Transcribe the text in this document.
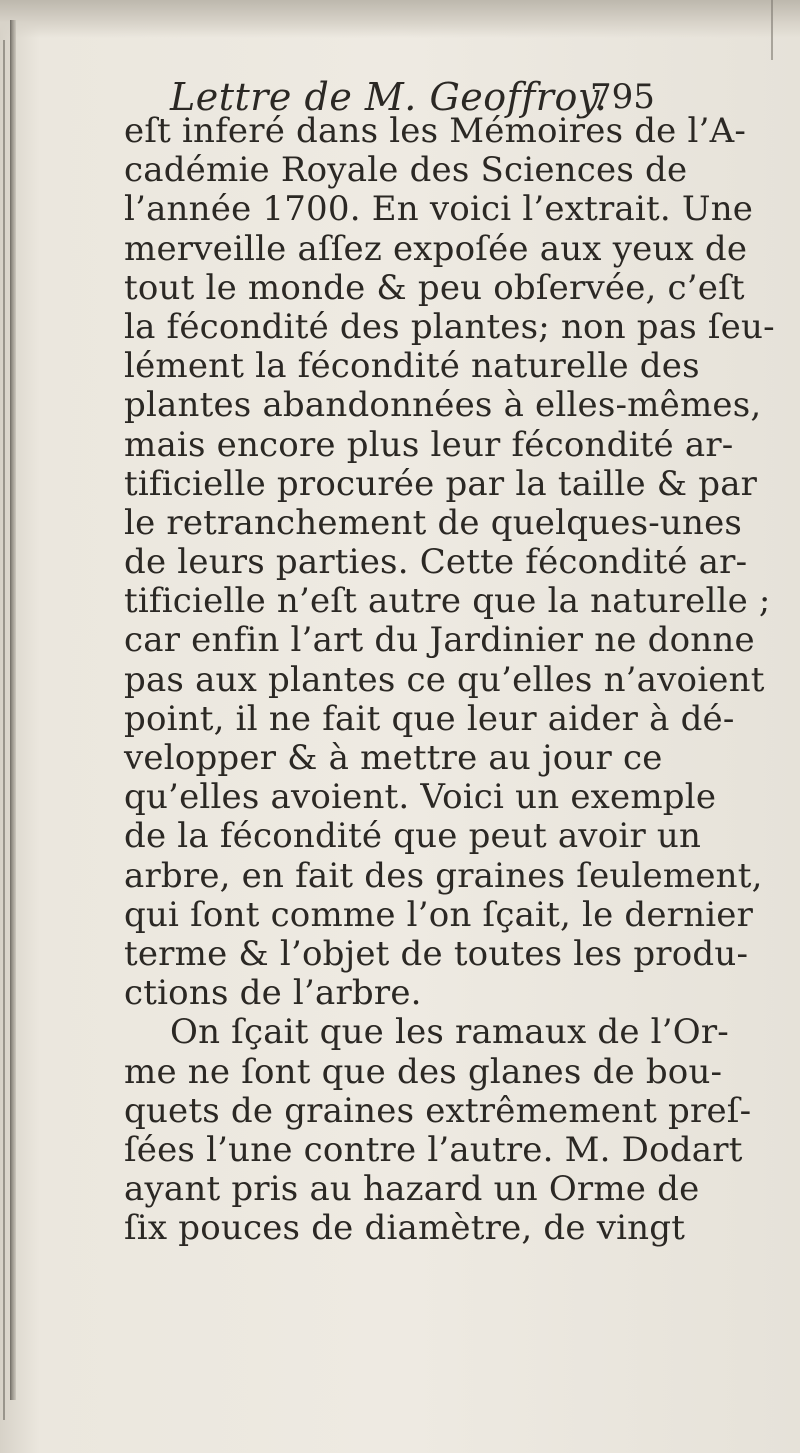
Lettre de M. Geoffroy.
795
eſt inferé dans les Mémoires de l’A-
cadémie Royale des Sciences de
l’année 1700. En voici l’extrait. Une
merveille aſſez expoſée aux yeux de
tout le monde & peu obſervée, c’eſt
la fécondité des plantes; non pas ſeu-
lément la fécondité naturelle des
plantes abandonnées à elles-mêmes,
mais encore plus leur fécondité ar-
tificielle procurée par la taille & par
le retranchement de quelques-unes
de leurs parties. Cette fécondité ar-
tificielle n’eſt autre que la naturelle ;
car enfin l’art du Jardinier ne donne
pas aux plantes ce qu’elles n’avoient
point, il ne fait que leur aider à dé-
velopper & à mettre au jour ce
qu’elles avoient. Voici un exemple
de la fécondité que peut avoir un
arbre, en fait des graines ſeulement,
qui ſont comme l’on ſçait, le dernier
terme & l’objet de toutes les produ-
ctions de l’arbre.
On ſçait que les ramaux de l’Or-
me ne ſont que des glanes de bou-
quets de graines extrêmement preſ-
ſées l’une contre l’autre. M. Dodart
ayant pris au hazard un Orme de
ſix pouces de diamètre, de vingt
